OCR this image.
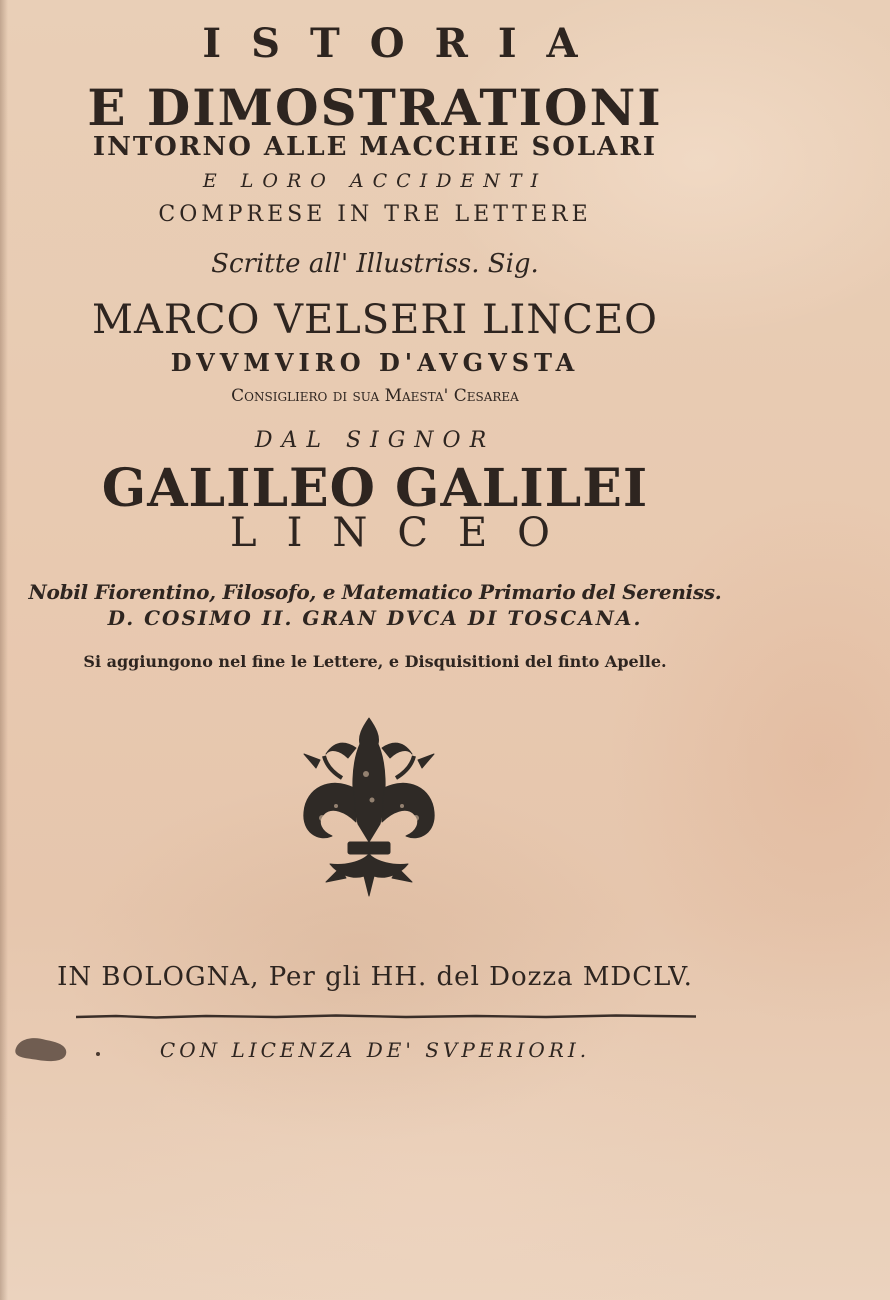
ISTORIA

E DIMOSTRATIONI

INTORNO ALLE MACCHIE SOLARI

E LORO ACCIDENTI

COMPRESE IN TRE LETTERE

Scritte all' Illustriss. Sig.

MARCO VELSERI LINCEO

DVVMVIRO D'AVGVSTA

Consigliero di sua Maesta' Cesarea

DAL SIGNOR

GALILEO GALILEI

LINCEO

Nobil Fiorentino, Filosofo, e Matematico Primario del Sereniss.

D. COSIMO II. GRAN DVCA DI TOSCANA.

Si aggiungono nel fine le Lettere, e Disquisitioni del finto Apelle.

IN BOLOGNA, Per gli HH. del Dozza MDCLV.

CON LICENZA DE' SVPERIORI.
